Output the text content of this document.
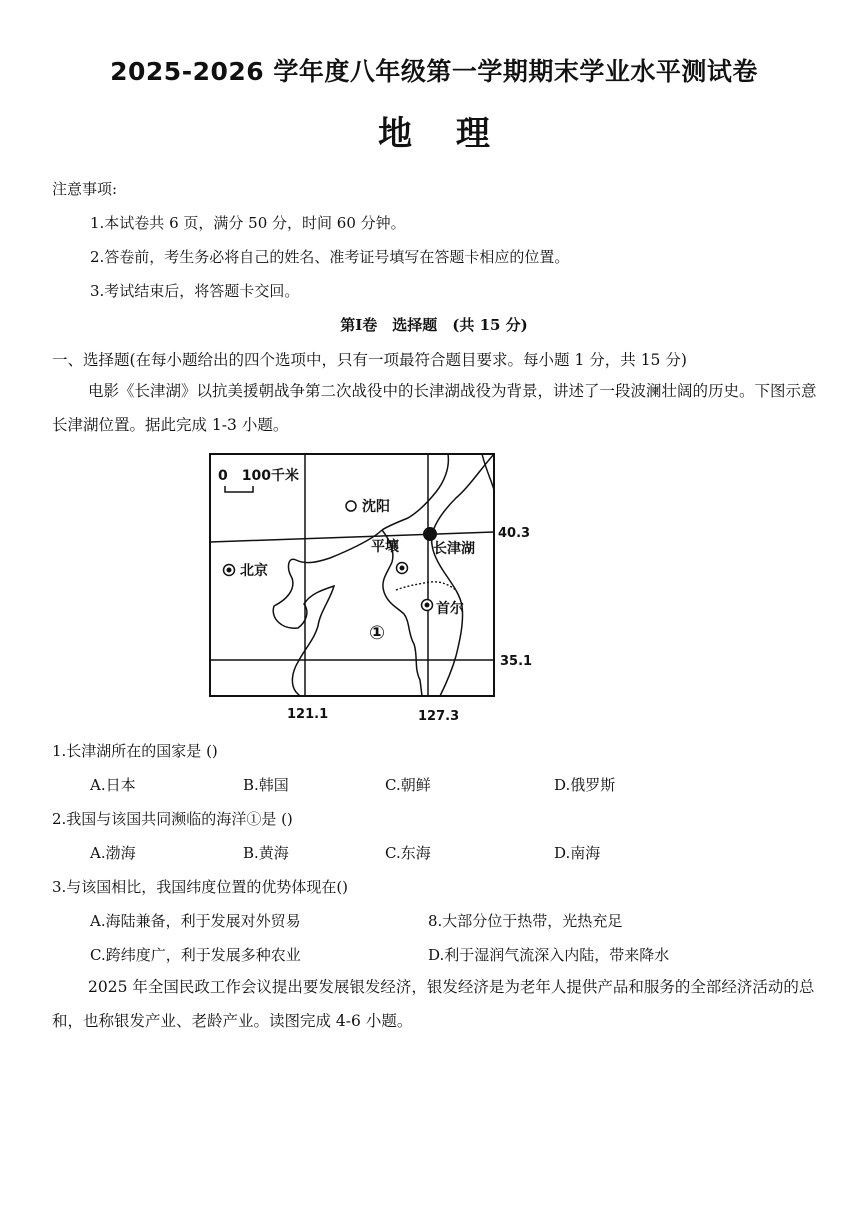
2025-2026 学年度八年级第一学期期末学业水平测试卷
地 理
注意事项:
1.本试卷共 6 页，满分 50 分，时间 60 分钟。
2.答卷前，考生务必将自己的姓名、准考证号填写在答题卡相应的位置。
3.考试结束后，将答题卡交回。
第Ⅰ卷　选择题　(共 15 分)
一、选择题(在每小题给出的四个选项中，只有一项最符合题目要求。每小题 1 分，共 15 分)
电影《长津湖》以抗美援朝战争第二次战役中的长津湖战役为背景，讲述了一段波澜壮阔的历史。下图示意长津湖位置。据此完成 1-3 小题。
0　100千米
沈阳
北京
平壤 长津湖
首尔
①
40.3
35.1
121.1	127.3
1.长津湖所在的国家是 ()
A.日本	B.韩国	C.朝鲜	D.俄罗斯
2.我国与该国共同濒临的海洋①是 ()
A.渤海	B.黄海	C.东海	D.南海
3.与该国相比，我国纬度位置的优势体现在()
A.海陆兼备，利于发展对外贸易	8.大部分位于热带，光热充足
C.跨纬度广，利于发展多种农业	D.利于湿润气流深入内陆，带来降水
2025 年全国民政工作会议提出要发展银发经济，银发经济是为老年人提供产品和服务的全部经济活动的总和，也称银发产业、老龄产业。读图完成 4-6 小题。
